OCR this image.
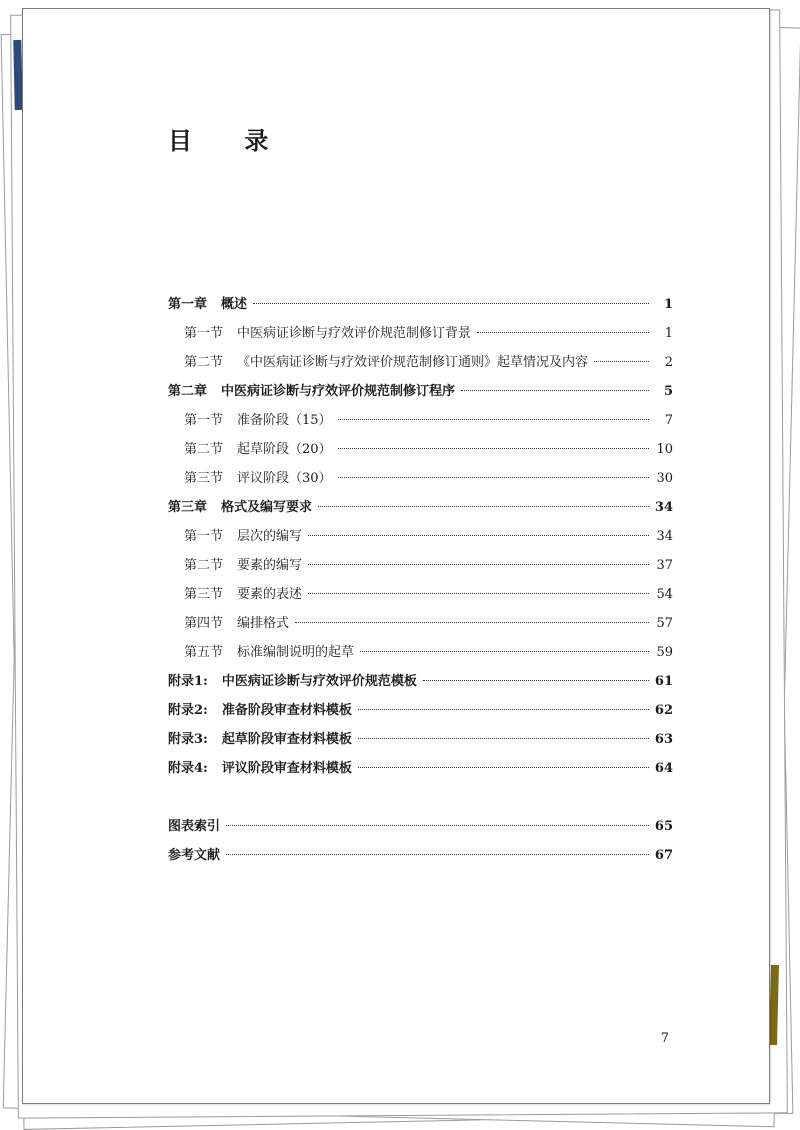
目 录
第一章 概述	1
第一节 中医病证诊断与疗效评价规范制修订背景	1
第二节 《中医病证诊断与疗效评价规范制修订通则》起草情况及内容	2
第二章 中医病证诊断与疗效评价规范制修订程序	5
第一节 准备阶段（15）	7
第二节 起草阶段（20）	10
第三节 评议阶段（30）	30
第三章 格式及编写要求	34
第一节 层次的编写	34
第二节 要素的编写	37
第三节 要素的表述	54
第四节 编排格式	57
第五节 标准编制说明的起草	59
附录1: 中医病证诊断与疗效评价规范模板	61
附录2: 准备阶段审查材料模板	62
附录3: 起草阶段审查材料模板	63
附录4: 评议阶段审查材料模板	64
图表索引	65
参考文献	67
7
